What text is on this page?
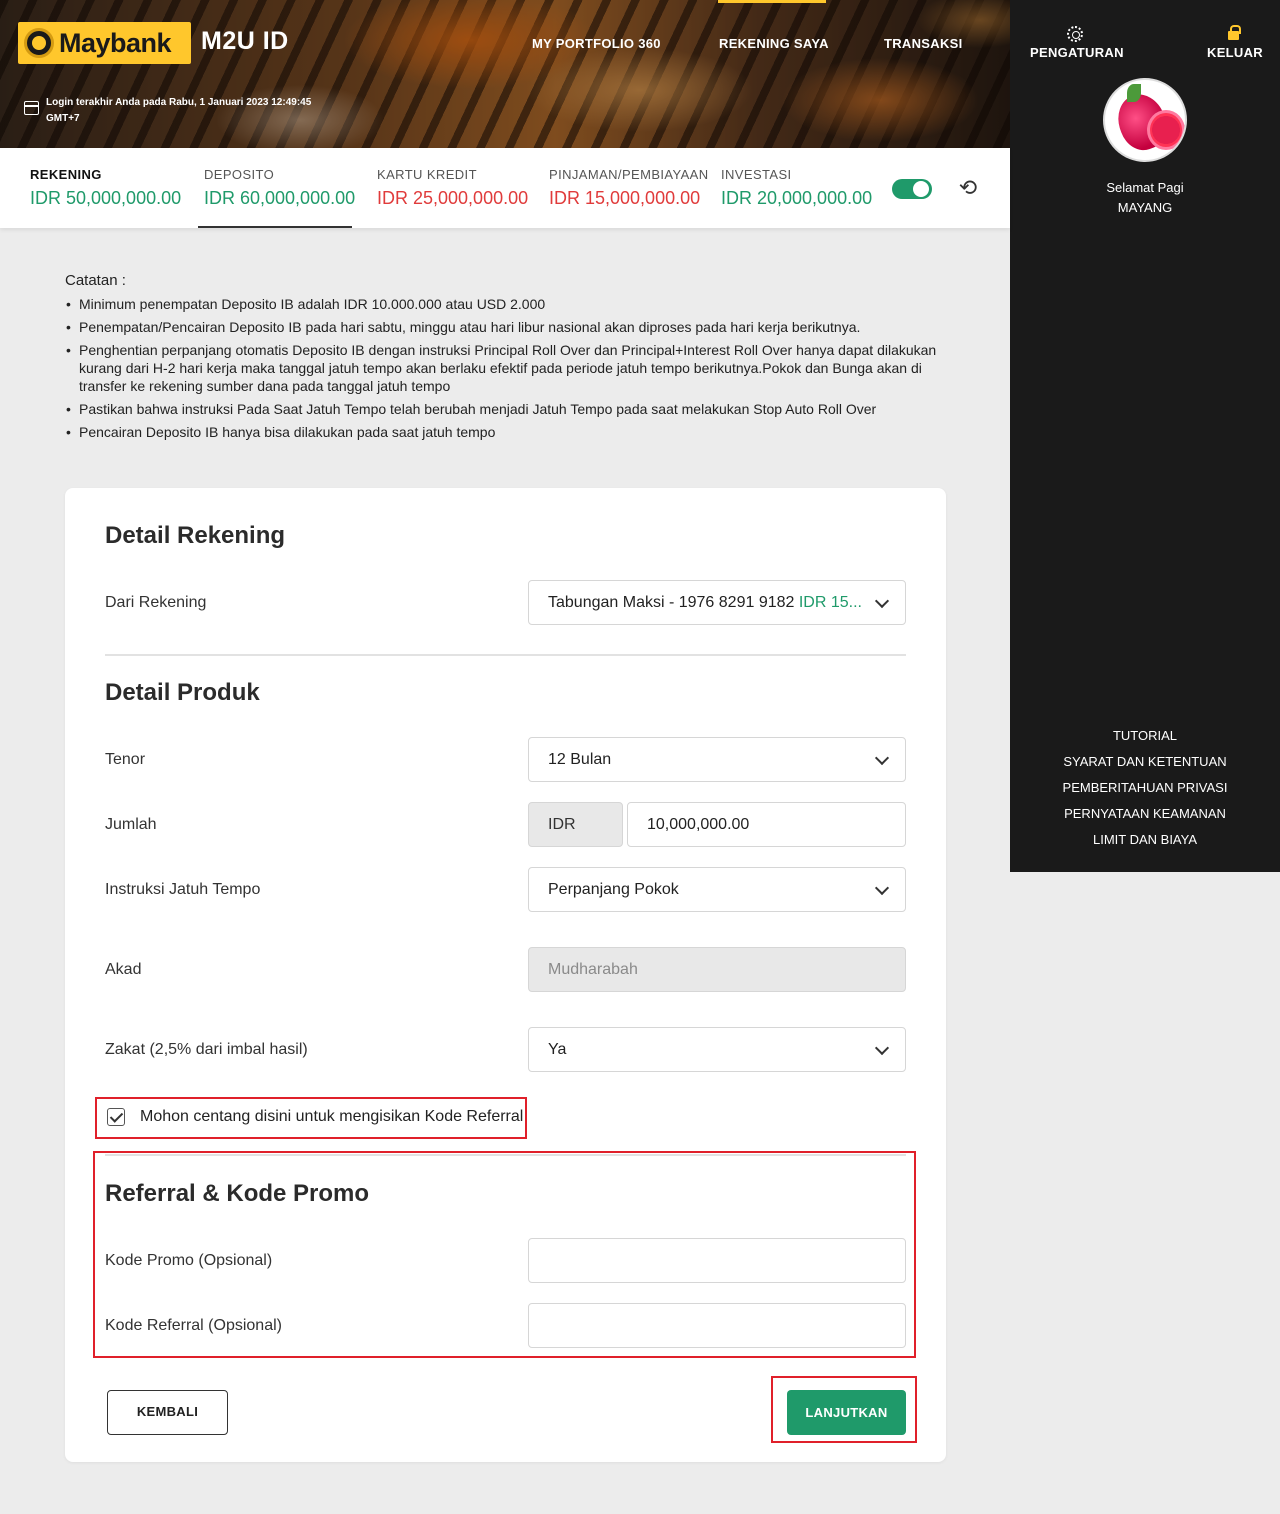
Maybank M2U ID	MY PORTFOLIO 360	REKENING SAYA	TRANSAKSI
Login terakhir Anda pada Rabu, 1 Januari 2023 12:49:45 GMT+7
PENGATURAN	KELUAR
Selamat Pagi
MAYANG
TUTORIAL
SYARAT DAN KETENTUAN
PEMBERITAHUAN PRIVASI
PERNYATAAN KEAMANAN
LIMIT DAN BIAYA
REKENING
IDR 50,000,000.00
DEPOSITO
IDR 60,000,000.00
KARTU KREDIT
IDR 25,000,000.00
PINJAMAN/PEMBIAYAAN
IDR 15,000,000.00
INVESTASI
IDR 20,000,000.00	⟲
Catatan :
• Minimum penempatan Deposito IB adalah IDR 10.000.000 atau USD 2.000
• Penempatan/Pencairan Deposito IB pada hari sabtu, minggu atau hari libur nasional akan diproses pada hari kerja berikutnya.
• Penghentian perpanjang otomatis Deposito IB dengan instruksi Principal Roll Over dan Principal+Interest Roll Over hanya dapat dilakukan kurang dari H-2 hari kerja maka tanggal jatuh tempo akan berlaku efektif pada periode jatuh tempo berikutnya.Pokok dan Bunga akan di transfer ke rekening sumber dana pada tanggal jatuh tempo
• Pastikan bahwa instruksi Pada Saat Jatuh Tempo telah berubah menjadi Jatuh Tempo pada saat melakukan Stop Auto Roll Over
• Pencairan Deposito IB hanya bisa dilakukan pada saat jatuh tempo
Detail Rekening
Dari Rekening	Tabungan Maksi - 1976 8291 9182 IDR 15...
Detail Produk
Tenor	12 Bulan
Jumlah	IDR	10,000,000.00
Instruksi Jatuh Tempo	Perpanjang Pokok
Akad	Mudharabah
Zakat (2,5% dari imbal hasil)	Ya
Mohon centang disini untuk mengisikan Kode Referral
Referral & Kode Promo
Kode Promo (Opsional)
Kode Referral (Opsional)
KEMBALI	LANJUTKAN
